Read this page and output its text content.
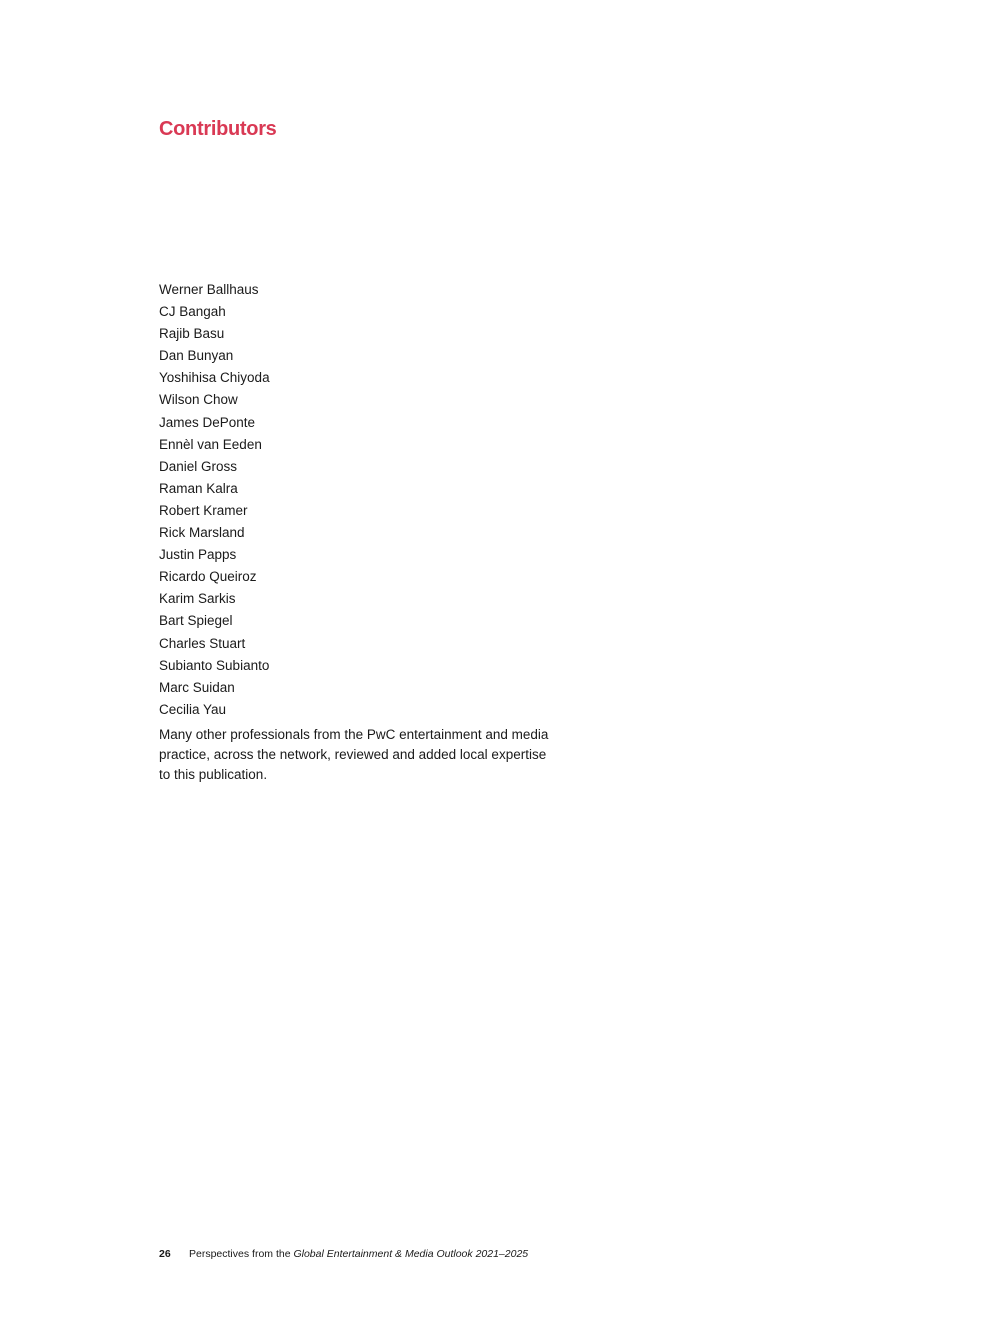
Contributors
Werner Ballhaus
CJ Bangah
Rajib Basu
Dan Bunyan
Yoshihisa Chiyoda
Wilson Chow
James DePonte
Ennèl van Eeden
Daniel Gross
Raman Kalra
Robert Kramer
Rick Marsland
Justin Papps
Ricardo Queiroz
Karim Sarkis
Bart Spiegel
Charles Stuart
Subianto Subianto
Marc Suidan
Cecilia Yau

Many other professionals from the PwC entertainment and media practice, across the network, reviewed and added local expertise to this publication.

26 Perspectives from the Global Entertainment & Media Outlook 2021–2025
